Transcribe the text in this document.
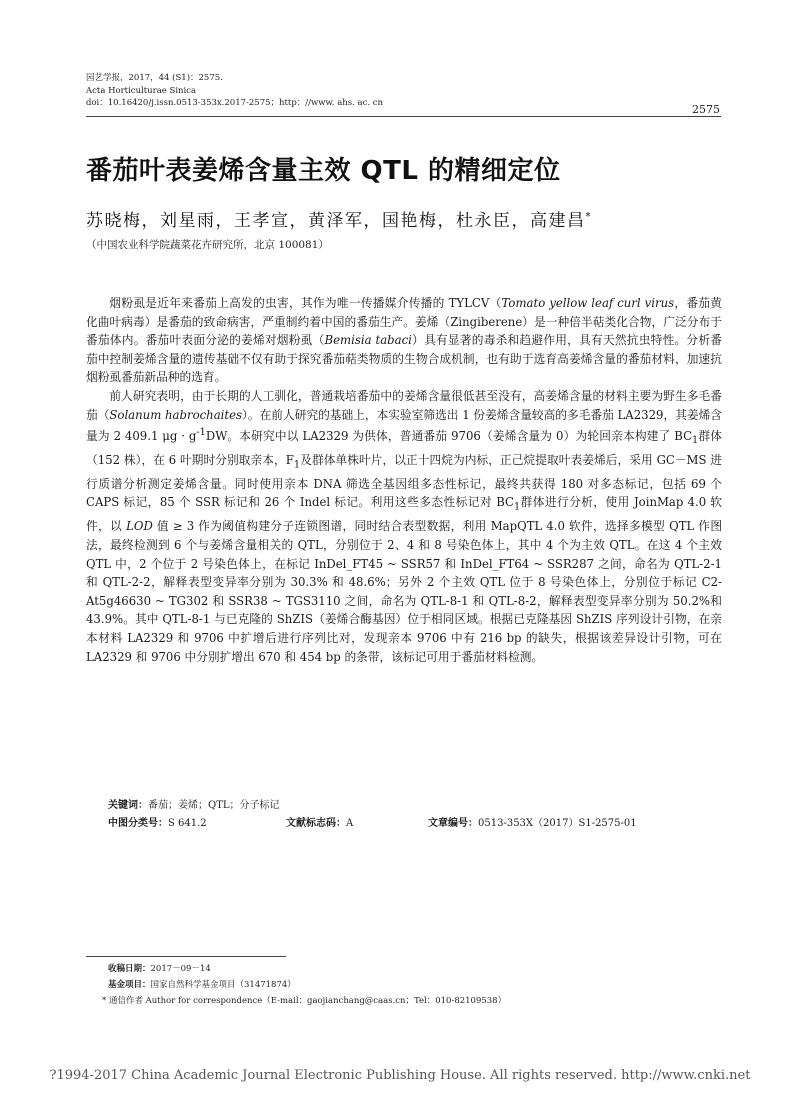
园艺学报，2017，44 (S1)：2575.
Acta Horticulturae Sinica
doi：10.16420/j.issn.0513-353x.2017-2575；http：//www. ahs. ac. cn	2575
番茄叶表姜烯含量主效 QTL 的精细定位
苏晓梅，刘星雨，王孝宣，黄泽军，国艳梅，杜永臣，高建昌*
（中国农业科学院蔬菜花卉研究所，北京 100081）

烟粉虱是近年来番茄上高发的虫害，其作为唯一传播媒介传播的 TYLCV（Tomato yellow leaf curl virus，番茄黄化曲叶病毒）是番茄的致命病害，严重制约着中国的番茄生产。姜烯（Zingiberene）是一种倍半萜类化合物，广泛分布于番茄体内。番茄叶表面分泌的姜烯对烟粉虱（Bemisia tabaci）具有显著的毒杀和趋避作用，具有天然抗虫特性。分析番茄中控制姜烯含量的遗传基础不仅有助于探究番茄萜类物质的生物合成机制，也有助于选育高姜烯含量的番茄材料，加速抗烟粉虱番茄新品种的选育。

前人研究表明，由于长期的人工驯化，普通栽培番茄中的姜烯含量很低甚至没有，高姜烯含量的材料主要为野生多毛番茄（Solanum habrochaites）。在前人研究的基础上，本实验室筛选出 1 份姜烯含量较高的多毛番茄 LA2329，其姜烯含量为 2 409.1 $\mu g \cdot g^{-1}DW$。本研究中以 LA2329 为供体，普通番茄 9706（姜烯含量为 0）为轮回亲本构建了 $BC_1$群体（152 株），在 6 叶期时分别取亲本，$F_1$及群体单株叶片，以正十四烷为内标，正己烷提取叶表姜烯后，采用 GC－MS 进行质谱分析测定姜烯含量。同时使用亲本 DNA 筛选全基因组多态性标记，最终共获得 180 对多态标记，包括 69 个 CAPS 标记，85 个 SSR 标记和 26 个 Indel 标记。利用这些多态性标记对 $BC_1$群体进行分析，使用 JoinMap 4.0 软件，以 LOD 值 ≥ 3 作为阈值构建分子连锁图谱，同时结合表型数据，利用 MapQTL 4.0 软件，选择多模型 QTL 作图法，最终检测到 6 个与姜烯含量相关的 QTL，分别位于 2、4 和 8 号染色体上，其中 4 个为主效 QTL。在这 4 个主效 QTL 中，2 个位于 2 号染色体上，在标记 InDel_FT45 ~ SSR57 和 InDel_FT64 ~ SSR287 之间，命名为 QTL-2-1 和 QTL-2-2，解释表型变异率分别为 30.3% 和 48.6%；另外 2 个主效 QTL 位于 8 号染色体上，分别位于标记 C2-At5g46630 ~ TG302 和 SSR38 ~ TGS3110 之间，命名为 QTL-8-1 和 QTL-8-2，解释表型变异率分别为 50.2%和 43.9%。其中 QTL-8-1 与已克隆的 ShZIS（姜烯合酶基因）位于相同区域。根据已克隆基因 ShZIS 序列设计引物，在亲本材料 LA2329 和 9706 中扩增后进行序列比对，发现亲本 9706 中有 216 bp 的缺失，根据该差异设计引物，可在 LA2329 和 9706 中分别扩增出 670 和 454 bp 的条带，该标记可用于番茄材料检测。

关键词：番茄；姜烯；QTL；分子标记
中图分类号：S 641.2	文献标志码：A	文章编号：0513-353X（2017）S1-2575-01
收稿日期：2017－09－14
基金项目：国家自然科学基金项目（31471874）
* 通信作者 Author for correspondence（E-mail：gaojianchang@caas.cn；Tel：010-82109538）
?1994-2017 China Academic Journal Electronic Publishing House. All rights reserved. http://www.cnki.net
